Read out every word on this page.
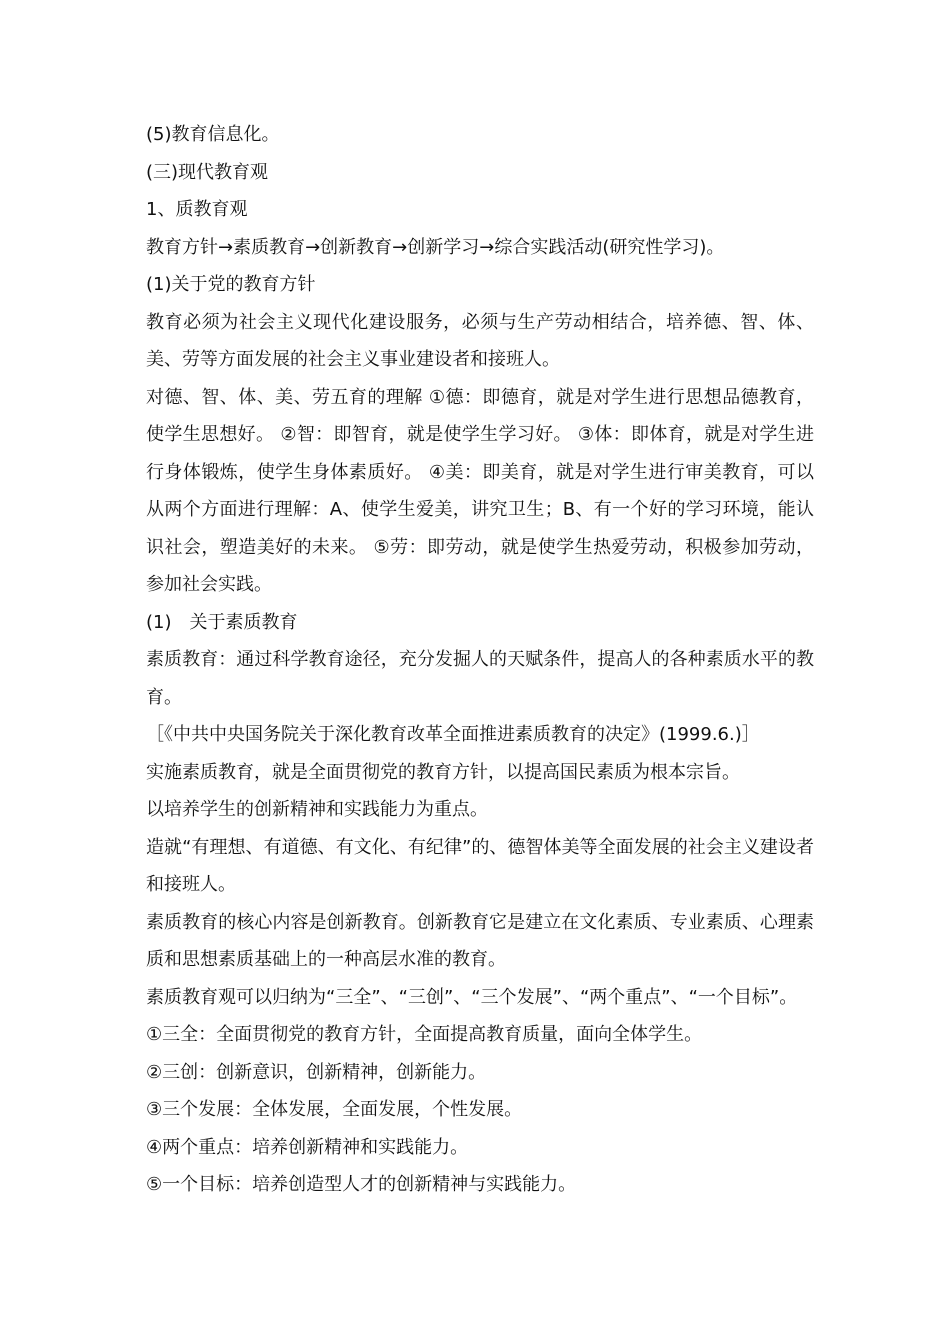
(5)教育信息化。

(三)现代教育观

1、质教育观

教育方针→素质教育→创新教育→创新学习→综合实践活动(研究性学习)。

(1)关于党的教育方针

教育必须为社会主义现代化建设服务，必须与生产劳动相结合，培养德、智、体、美、劳等方面发展的社会主义事业建设者和接班人。

对德、智、体、美、劳五育的理解 ①德：即德育，就是对学生进行思想品德教育，使学生思想好。 ②智：即智育，就是使学生学习好。 ③体：即体育，就是对学生进行身体锻炼，使学生身体素质好。 ④美：即美育，就是对学生进行审美教育，可以从两个方面进行理解：A、使学生爱美，讲究卫生；B、有一个好的学习环境，能认识社会，塑造美好的未来。 ⑤劳：即劳动，就是使学生热爱劳动，积极参加劳动，参加社会实践。

(1)　关于素质教育

素质教育：通过科学教育途径，充分发掘人的天赋条件，提高人的各种素质水平的教育。

［《中共中央国务院关于深化教育改革全面推进素质教育的决定》(1999.6.)］

实施素质教育，就是全面贯彻党的教育方针，以提高国民素质为根本宗旨。

以培养学生的创新精神和实践能力为重点。

造就“有理想、有道德、有文化、有纪律”的、德智体美等全面发展的社会主义建设者和接班人。

素质教育的核心内容是创新教育。创新教育它是建立在文化素质、专业素质、心理素质和思想素质基础上的一种高层水准的教育。

素质教育观可以归纳为“三全”、“三创”、“三个发展”、“两个重点”、“一个目标”。

①三全：全面贯彻党的教育方针，全面提高教育质量，面向全体学生。

②三创：创新意识，创新精神，创新能力。

③三个发展：全体发展，全面发展，个性发展。

④两个重点：培养创新精神和实践能力。

⑤一个目标：培养创造型人才的创新精神与实践能力。
